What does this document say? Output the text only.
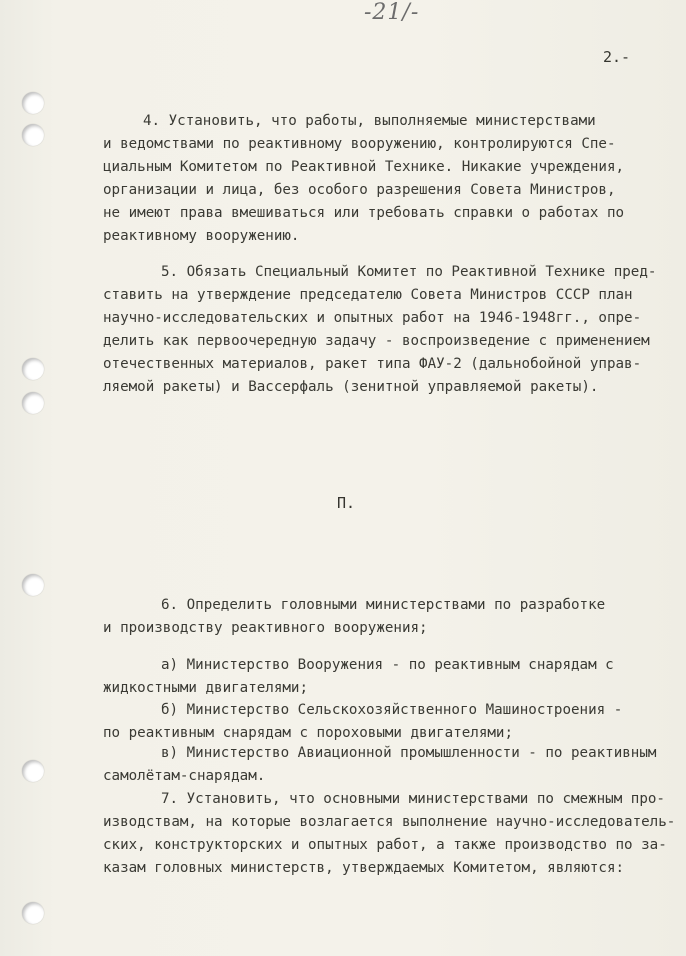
-21/-
2.-
4. Установить, что работы, выполняемые министерствами
и ведомствами по реактивному вооружению, контролируются Спе-
циальным Комитетом по Реактивной Технике. Никакие учреждения,
организации и лица, без особого разрешения Совета Министров,
не имеют права вмешиваться или требовать справки о работах по
реактивному вооружению.
5. Обязать Специальный Комитет по Реактивной Технике пред-
ставить на утверждение председателю Совета Министров СССР план
научно-исследовательских и опытных работ на 1946-1948гг., опре-
делить как первоочередную задачу - воспроизведение с применением
отечественных материалов, ракет типа ФАУ-2 (дальнобойной управ-
ляемой ракеты) и Вассерфаль (зенитной управляемой ракеты).
П.
6. Определить головными министерствами по разработке
и производству реактивного вооружения;
а) Министерство Вооружения - по реактивным снарядам с
жидкостными двигателями;
б) Министерство Сельскохозяйственного Машиностроения -
по реактивным снарядам с пороховыми двигателями;
в) Министерство Авиационной промышленности - по реактивным
самолётам-снарядам.
7. Установить, что основными министерствами по смежным про-
изводствам, на которые возлагается выполнение научно-исследователь-
ских, конструкторских и опытных работ, а также производство по за-
казам головных министерств, утверждаемых Комитетом, являются:
